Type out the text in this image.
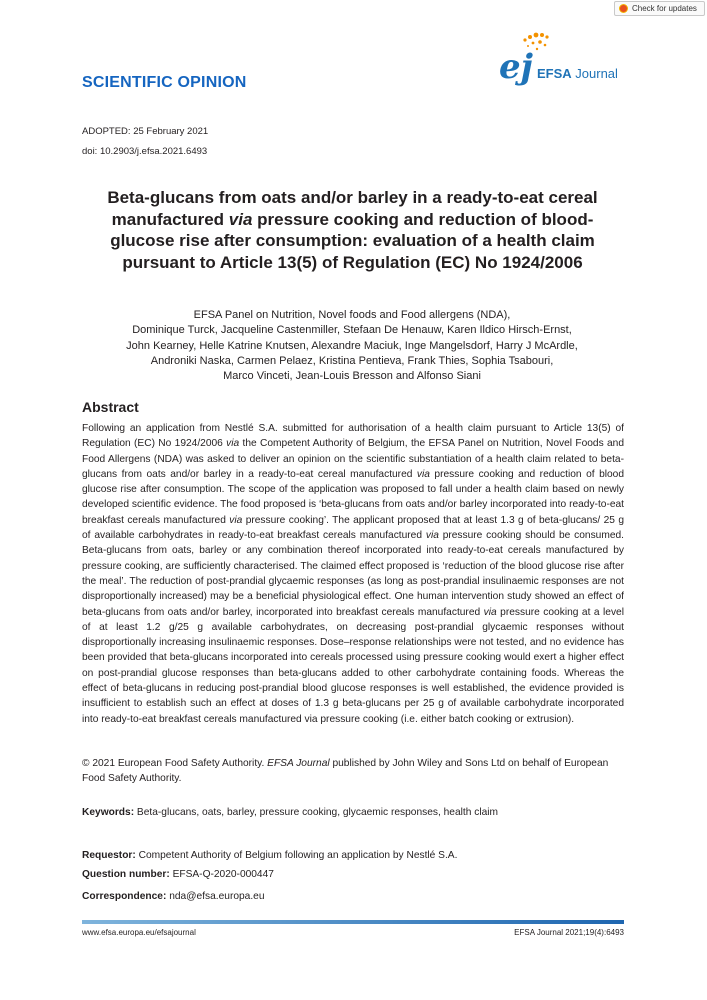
Check for updates
SCIENTIFIC OPINION	ej EFSA Journal
ADOPTED: 25 February 2021
doi: 10.2903/j.efsa.2021.6493
Beta-glucans from oats and/or barley in a ready-to-eat cereal manufactured via pressure cooking and reduction of blood-glucose rise after consumption: evaluation of a health claim pursuant to Article 13(5) of Regulation (EC) No 1924/2006
EFSA Panel on Nutrition, Novel foods and Food allergens (NDA),
Dominique Turck, Jacqueline Castenmiller, Stefaan De Henauw, Karen Ildico Hirsch-Ernst,
John Kearney, Helle Katrine Knutsen, Alexandre Maciuk, Inge Mangelsdorf, Harry J McArdle,
Androniki Naska, Carmen Pelaez, Kristina Pentieva, Frank Thies, Sophia Tsabouri,
Marco Vinceti, Jean-Louis Bresson and Alfonso Siani
Abstract

Following an application from Nestlé S.A. submitted for authorisation of a health claim pursuant to Article 13(5) of Regulation (EC) No 1924/2006 via the Competent Authority of Belgium, the EFSA Panel on Nutrition, Novel Foods and Food Allergens (NDA) was asked to deliver an opinion on the scientific substantiation of a health claim related to beta-glucans from oats and/or barley in a ready-to-eat cereal manufactured via pressure cooking and reduction of blood glucose rise after consumption. The scope of the application was proposed to fall under a health claim based on newly developed scientific evidence. The food proposed is ‘beta-glucans from oats and/or barley incorporated into ready-to-eat breakfast cereals manufactured via pressure cooking’. The applicant proposed that at least 1.3 g of beta-glucans/ 25 g of available carbohydrates in ready-to-eat breakfast cereals manufactured via pressure cooking should be consumed. Beta-glucans from oats, barley or any combination thereof incorporated into ready-to-eat cereals manufactured by pressure cooking, are sufficiently characterised. The claimed effect proposed is ‘reduction of the blood glucose rise after the meal’. The reduction of post-prandial glycaemic responses (as long as post-prandial insulinaemic responses are not disproportionally increased) may be a beneficial physiological effect. One human intervention study showed an effect of beta-glucans from oats and/or barley, incorporated into breakfast cereals manufactured via pressure cooking at a level of at least 1.2 g/25 g available carbohydrates, on decreasing post-prandial glycaemic responses without disproportionally increasing insulinaemic responses. Dose–response relationships were not tested, and no evidence has been provided that beta-glucans incorporated into cereals processed using pressure cooking would exert a higher effect on post-prandial glucose responses than beta-glucans added to other carbohydrate containing foods. Whereas the effect of beta-glucans in reducing post-prandial blood glucose responses is well established, the evidence provided is insufficient to establish such an effect at doses of 1.3 g beta-glucans per 25 g of available carbohydrate incorporated into ready-to-eat breakfast cereals manufactured via pressure cooking (i.e. either batch cooking or extrusion).

© 2021 European Food Safety Authority. EFSA Journal published by John Wiley and Sons Ltd on behalf of European Food Safety Authority.

Keywords: Beta-glucans, oats, barley, pressure cooking, glycaemic responses, health claim
Requestor: Competent Authority of Belgium following an application by Nestlé S.A.
Question number: EFSA-Q-2020-000447
Correspondence: nda@efsa.europa.eu
www.efsa.europa.eu/efsajournal	EFSA Journal 2021;19(4):6493
